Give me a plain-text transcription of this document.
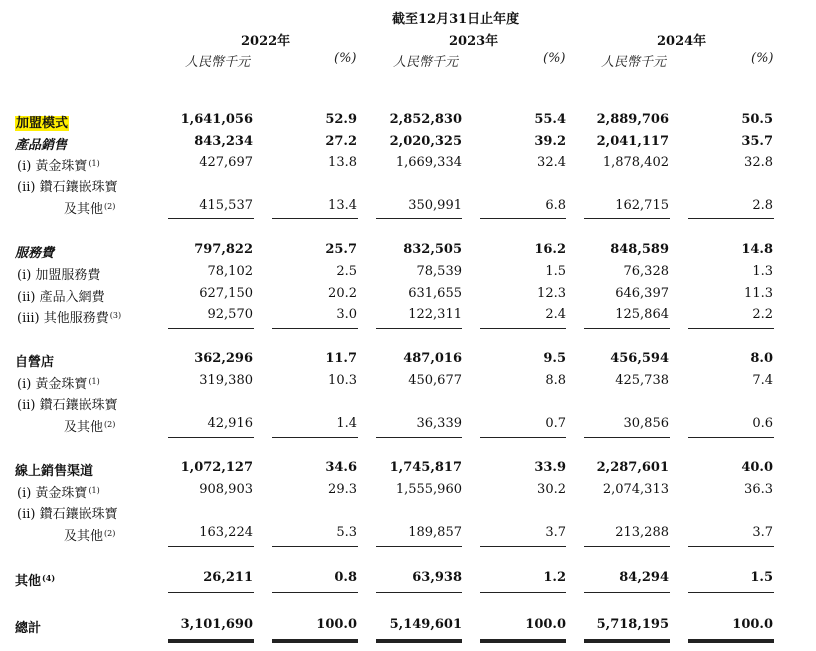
截至12月31日止年度
2022年	2023年	2024年
人民幣千元	(%)	人民幣千元	(%)	人民幣千元	(%)
加盟模式	1,641,056	52.9	2,852,830	55.4	2,889,706	50.5
產品銷售	843,234	27.2	2,020,325	39.2	2,041,117	35.7
(i) 黃金珠寶$^{(1)}$	427,697	13.8	1,669,334	32.4	1,878,402	32.8
(ii) 鑽石鑲嵌珠寶
及其他$^{(2)}$	415,537	13.4	350,991	6.8	162,715	2.8
服務費	797,822	25.7	832,505	16.2	848,589	14.8
(i) 加盟服務費	78,102	2.5	78,539	1.5	76,328	1.3
(ii) 產品入網費	627,150	20.2	631,655	12.3	646,397	11.3
(iii) 其他服務費$^{(3)}$	92,570	3.0	122,311	2.4	125,864	2.2
自營店	362,296	11.7	487,016	9.5	456,594	8.0
(i) 黃金珠寶$^{(1)}$	319,380	10.3	450,677	8.8	425,738	7.4
(ii) 鑽石鑲嵌珠寶
及其他$^{(2)}$	42,916	1.4	36,339	0.7	30,856	0.6
線上銷售渠道	1,072,127	34.6	1,745,817	33.9	2,287,601	40.0
(i) 黃金珠寶$^{(1)}$	908,903	29.3	1,555,960	30.2	2,074,313	36.3
(ii) 鑽石鑲嵌珠寶
及其他$^{(2)}$	163,224	5.3	189,857	3.7	213,288	3.7
其他$^{(4)}$	26,211	0.8	63,938	1.2	84,294	1.5
總計	3,101,690	100.0	5,149,601	100.0	5,718,195	100.0
